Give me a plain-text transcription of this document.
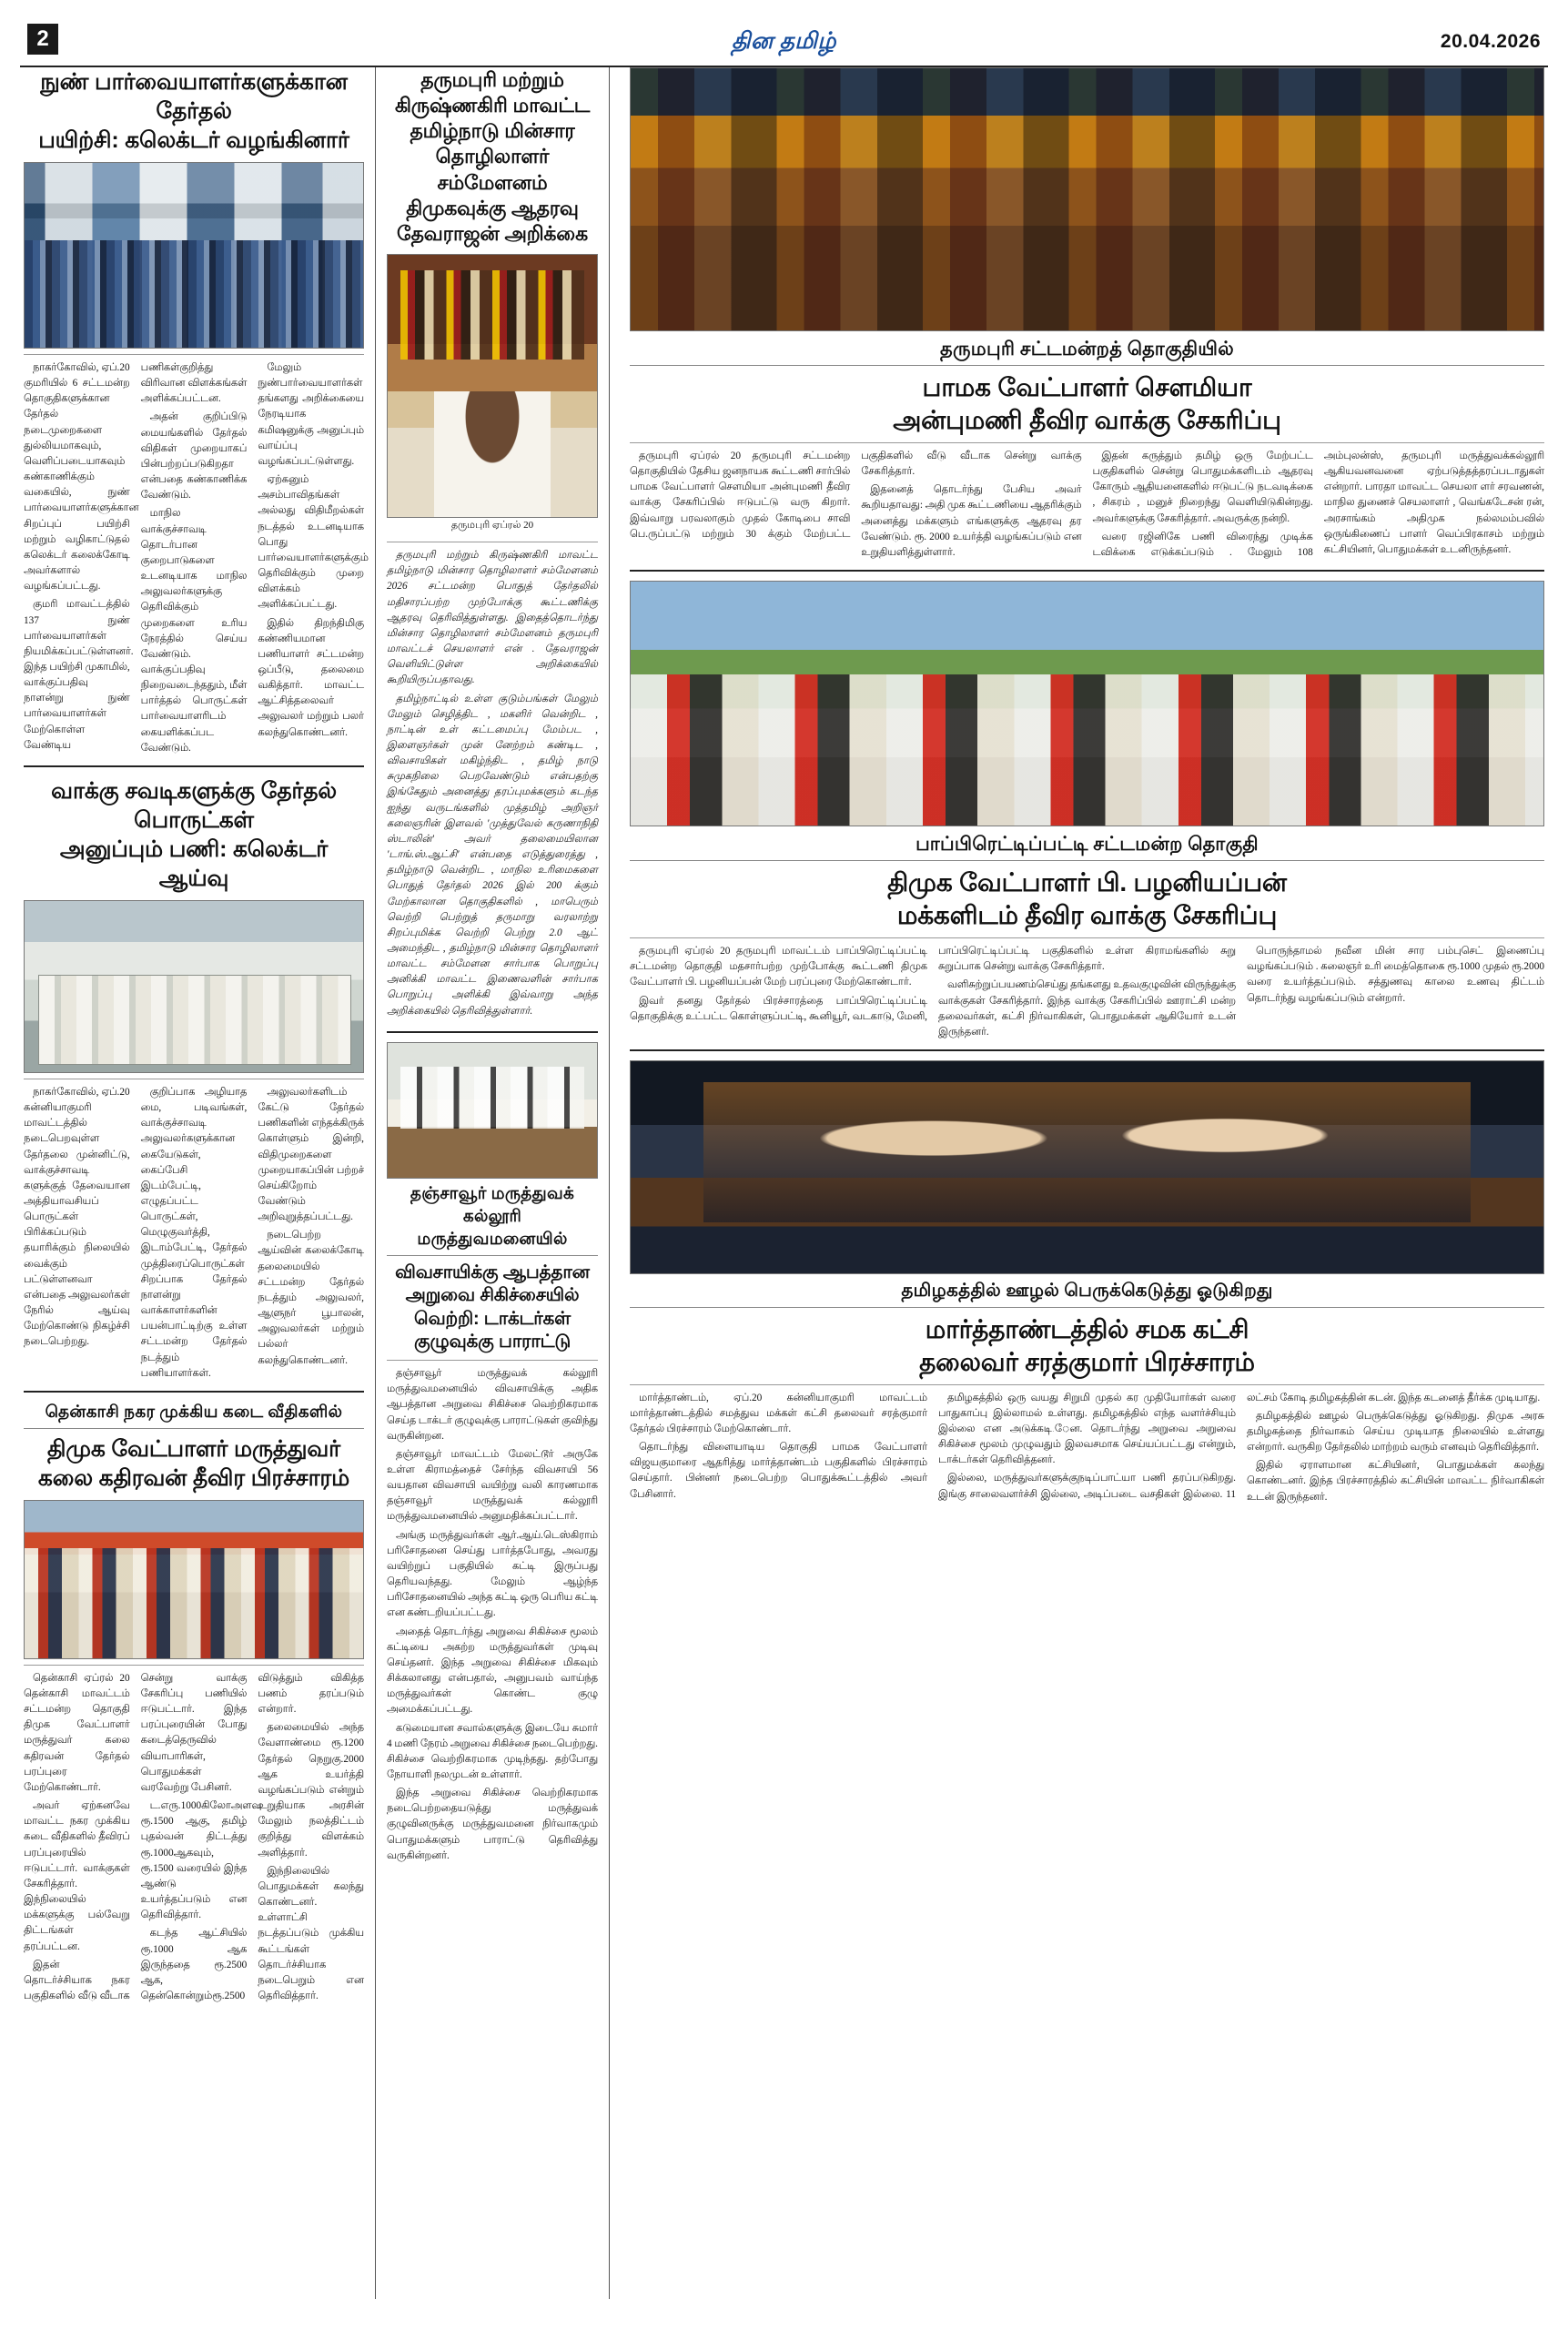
2	தின தமிழ்	20.04.2026
நுண் பார்வையாளர்களுக்கான தேர்தல்
பயிற்சி: கலெக்டர் வழங்கினார்

நாகர்கோவில், ஏப்.20 குமரியில் 6 சட்டமன்ற தொகுதிகளுக்கான தேர்தல் நடைமுறைகளை துல்லியமாகவும், வெளிப்படையாகவும் கண்காணிக்கும் வகையில், நுண் பார்வையாளர்களுக்கான சிறப்புப் பயிற்சி மற்றும் வழிகாட்டுதல் கலெக்டர் கலைக்கோடி அவர்களால் வழங்கப்பட்டது.

குமரி மாவட்டத்தில் 137 நுண் பார்வையாளர்கள் நியமிக்கப்பட்டுள்ளனர். இந்த பயிற்சி முகாமில், வாக்குப்பதிவு நாளன்று நுண் பார்வையாளர்கள் மேற்கொள்ள வேண்டிய பணிகள்குறித்து விரிவான விளக்கங்கள் அளிக்கப்பட்டன.

அதன் குறிப்பிடு மையங்களில் தேர்தல் விதிகள் முறையாகப் பின்பற்றப்படுகிறதா என்பதை கண்காணிக்க வேண்டும்.

மாநில வாக்குச்சாவடி தொடர்பான குறைபாடுகளை உடனடியாக மாநில அலுவலர்களுக்கு தெரிவிக்கும் முறைகளை உரிய நேரத்தில் செய்ய வேண்டும். வாக்குப்பதிவு நிறைவடைந்ததும், மீள் பார்த்தல் பொருட்கள் பார்வையாளரிடம் கையளிக்கப்பட வேண்டும்.

மேலும் நுண்பார்வையாளர்கள் தங்களது அறிக்கையை நேரடியாக கமிஷனுக்கு அனுப்பும் வாய்ப்பு வழங்கப்பட்டுள்ளது.

ஏற்கனும் அசம்பாவிதங்கள் அல்லது விதிமீறல்கள் நடத்தல் உடனடியாக பொது பார்வையாளர்களுக்கும் தெரிவிக்கும் முறை விளக்கம் அளிக்கப்பட்டது.

இதில் திறந்திமிகு கண்ணியமான பணியாளர் சட்டமன்ற ஒப்பீடு, தலைமை வகித்தார். மாவட்ட ஆட்சித்தலைவர் அலுவலர் மற்றும் பலர் கலந்துகொண்டனர்.

வாக்கு சவடிகளுக்கு தேர்தல் பொருட்கள்
அனுப்பும் பணி: கலெக்டர் ஆய்வு

நாகர்கோவில், ஏப்.20 கன்னியாகுமரி மாவட்டத்தில் நடைபெறவுள்ள தேர்தலை முன்னிட்டு, வாக்குச்சாவடி களுக்குத் தேவையான அத்தியாவசியப் பொருட்கள் பிரிக்கப்படும் தயாரிக்கும் நிலையில் வைக்கும் பட்டுள்ளனவா என்பதை அலுவலர்கள் நேரில் ஆய்வு மேற்கொண்டு நிகழ்ச்சி நடைபெற்றது.

குறிப்பாக அழியாத மை, படிவங்கள், வாக்குச்சாவடி அலுவலர்களுக்கான கையேடுகள், கைப்பேசி இடம்பேட்டி, எழுதப்பட்ட பொருட்கள், மெழுகுவர்த்தி, இடாம்பேட்டி, தேர்தல் முத்திரைப்பொருட்கள் சிறப்பாக தேர்தல் நாளன்று வாக்காளர்களின் பயன்பாட்டிற்கு உள்ள சட்டமன்ற தேர்தல் நடத்தும் பணியாளர்கள்.

அலுவலர்களிடம் கேட்டு தேர்தல் பணிகளின் எந்தக்கிருக் கொள்ளும் இன்றி, விதிமுறைகளை முறையாகப்பின் பற்றச் செய்கிறோம் வேண்டும் அறிவுறுத்தப்பட்டது.

நடைபெற்ற ஆய்வின் கலைக்கோடி தலைமையில் சட்டமன்ற தேர்தல் நடத்தும் அலுவலர், ஆளுநர் பூபாலன், அலுவலர்கள் மற்றும் பல்லர் கலந்துகொண்டனர்.

தென்காசி நகர முக்கிய கடை வீதிகளில்
திமுக வேட்பாளர் மருத்துவர்
கலை கதிரவன் தீவிர பிரச்சாரம்

தென்காசி ஏப்ரல் 20 தென்காசி மாவட்டம் சட்டமன்ற தொகுதி திமுக வேட்பாளர் மருத்துவர் கலை கதிரவன் தேர்தல் பரப்புரை மேற்கொண்டார்.

அவர் ஏற்கனவே மாவட்ட நகர முக்கிய கடை வீதிகளில் தீவிரப் பரப்புரையில் ஈடுபட்டார். வாக்குகள் சேகரித்தார். இந்நிலையில் மக்களுக்கு பல்வேறு திட்டங்கள் தரப்பட்டன.

இதன் தொடர்ச்சியாக நகர பகுதிகளில் வீடு வீடாக சென்று வாக்கு சேகரிப்பு பணியில் ஈடுபட்டார். இந்த பரப்புரையின் போது கடைத்தெருவில் வியாபாரிகள், பொதுமக்கள் வரவேற்று பேசினர்.

ட.எரு.1000கிலோஅளவு ரூ.1500 ஆகு, தமிழ் புதல்வன் திட்டத்து ரூ.1000ஆகவும், ரூ.1500 வரையில் இந்த ஆண்டு உயர்த்தப்படும் என தெரிவித்தார்.

கடந்த ஆட்சியில் ரூ.1000 ஆக இருந்ததை ரூ.2500 ஆக, தென்கொன்றும்ரூ.2500 விடுத்தும் விகித்த பணம் தரப்படும் என்றார்.

தலைமையில் அந்த வேளாண்மை ரூ.1200 தேர்தல் நெறுகு.2000 ஆக உயர்த்தி வழங்கப்படும் என்றும் உறுதியாக அரசின் மேலும் நலத்திட்டம் குறித்து விளக்கம் அளித்தார்.

இந்நிலையில் பொதுமக்கள் கலந்து கொண்டனர். உள்ளாட்சி நடத்தப்படும் முக்கிய கூட்டங்கள் தொடர்ச்சியாக நடைபெறும் என தெரிவித்தார்.

தருமபுரி மற்றும் கிருஷ்ணகிரி மாவட்ட
தமிழ்நாடு மின்சார தொழிலாளர் சம்மேளனம்
திமுகவுக்கு ஆதரவு தேவராஜன் அறிக்கை
தருமபுரி ஏப்ரல் 20

தருமபுரி மற்றும் கிருஷ்ணகிரி மாவட்ட தமிழ்நாடு மின்சார தொழிலாளர் சம்மேளனம் 2026 சட்டமன்ற பொதுத் தேர்தலில் மதிசாரப்பற்ற முற்போக்கு கூட்டணிக்கு ஆதரவு தெரிவித்துள்ளது. இதைத்தொடர்ந்து மின்சார தொழிலாளர் சம்மேளனம் தருமபுரி மாவட்டச் செயலாளர் என் . தேவராஜன் வெளியிட்டுள்ள அறிக்கையில் கூறியிருப்பதாவது.

தமிழ்நாட்டில் உள்ள குடும்பங்கள் மேலும் மேலும் செழித்திட , மகளிர் வென்றிட , நாட்டின் உள் கட்டமைப்பு மேம்பட , இளைஞர்கள் முன் னேற்றம் கண்டிட , விவசாயிகள் மகிழ்ந்திட , தமிழ் நாடு சுமுகநிலை பெறவேண்டும் என்பதற்கு இங்கேதும் அனைத்து தரப்புமக்களும் கடந்த ஐந்து வருடங்களில் முத்தமிழ் அறிஞர் கலைஞரின் இளவல் 'முத்துவேல் கருணாநிதி ஸ்டாலின்' அவர் தலைமையிலான 'டாங்.ஸ்.ஆட்சி' என்பதை எடுத்துரைத்து , தமிழ்நாடு வென்றிட , மாநில உரிமைகளை பொதுத் தேர்தல் 2026 இல் 200 க்கும் மேற்காலான தொகுதிகளில் , மாபெரும் வெற்றி பெற்றுத் தருமாறு வரலாற்று சிறப்புமிக்க வெற்றி பெற்று 2.0 ஆட் அமைந்திட , தமிழ்நாடு மின்சார தொழிலாளர் மாவட்ட சம்மேளன சார்பாக பொறுப்பு அனிக்கி மாவட்ட இணைவளின் சார்பாக பொறுப்பு அளிக்கி இவ்வாறு அந்த அறிக்கையில் தெரிவித்துள்ளார்.

தஞ்சாவூர் மருத்துவக் கல்லூரி மருத்துவமனையில்
விவசாயிக்கு ஆபத்தான அறுவை சிகிச்சையில்
வெற்றி: டாக்டர்கள் குழுவுக்கு பாராட்டு

தஞ்சாவூர் மருத்துவக் கல்லூரி மருத்துவமனையில் விவசாயிக்கு அதிக ஆபத்தான அறுவை சிகிச்சை வெற்றிகரமாக செய்த டாக்டர் குழுவுக்கு பாராட்டுகள் குவிந்து வருகின்றன.

தஞ்சாவூர் மாவட்டம் மேலட்டூர் அருகே உள்ள கிராமத்தைச் சேர்ந்த விவசாயி 56 வயதான விவசாயி வயிற்று வலி காரணமாக தஞ்சாவூர் மருத்துவக் கல்லூரி மருத்துவமனையில் அனுமதிக்கப்பட்டார்.

அங்கு மருத்துவர்கள் ஆர்.ஆய்.டெஸ்கிராம் பரிசோதனை செய்து பார்த்தபோது, அவரது வயிற்றுப் பகுதியில் கட்டி இருப்பது தெரியவந்தது. மேலும் ஆழ்ந்த பரிசோதனையில் அந்த கட்டி ஒரு பெரிய கட்டி என கண்டறியப்பட்டது.

அதைத் தொடர்ந்து அறுவை சிகிச்சை மூலம் கட்டியை அகற்ற மருத்துவர்கள் முடிவு செய்தனர். இந்த அறுவை சிகிச்சை மிகவும் சிக்கலானது என்பதால், அனுபவம் வாய்ந்த மருத்துவர்கள் கொண்ட குழு அமைக்கப்பட்டது.

கடுமையான சவால்களுக்கு இடையே சுமார் 4 மணி நேரம் அறுவை சிகிச்சை நடைபெற்றது. சிகிச்சை வெற்றிகரமாக முடிந்தது. தற்போது நோயாளி நலமுடன் உள்ளார்.

இந்த அறுவை சிகிச்சை வெற்றிகரமாக நடைபெற்றதையடுத்து மருத்துவக் குழுவினருக்கு மருத்துவமனை நிர்வாகமும் பொதுமக்களும் பாராட்டு தெரிவித்து வருகின்றனர்.

தருமபுரி சட்டமன்றத் தொகுதியில்
பாமக வேட்பாளர் சௌமியா
அன்புமணி தீவிர வாக்கு சேகரிப்பு

தருமபுரி ஏப்ரல் 20 தருமபுரி சட்டமன்ற தொகுதியில் தேசிய ஜனநாயக கூட்டணி சார்பில் பாமக வேட்பாளர் சௌமியா அன்புமணி தீவிர வாக்கு சேகரிப்பில் ஈடுபட்டு வரு கிறார். இவ்வாறு பரவலாகும் முதல் கோடிபை சாவி பெ.ருப்பட்டு மற்றும் 30 க்கும் மேற்பட்ட பகுதிகளில் வீடு வீடாக சென்று வாக்கு சேகரித்தார்.

இதனைத் தொடர்ந்து பேசிய அவர் கூறியதாவது: அதி முக கூட்டணியை ஆதரிக்கும் அனைத்து மக்களும் எங்களுக்கு ஆதரவு தர வேண்டும். ரூ. 2000 உயர்த்தி வழங்கப்படும் என உறுதியளித்துள்ளார்.

இதன் கருத்தும் தமிழ் ஒரு மேற்பட்ட பகுதிகளில் சென்று பொதுமக்களிடம் ஆதரவு கோரும் ஆதியனைகளில் ஈடுபட்டு நடவடிக்கை , சிகரம் , மனுச் நிறைந்து வெளியிடுகின்றது. அவர்களுக்கு சேகரித்தார். அவருக்கு நன்றி.

வரை ரஜினிகே பணி விரைந்து முடிக்க டவிக்கை எடுக்கப்படும் . மேலும் 108 அம்புலன்ஸ், தருமபுரி மருத்துவக்கல்லூரி ஆகியவனவனை ஏற்படுத்தத்தரப்படாதுகள் என்றார். பாரதா மாவட்ட செயலா ளர் சரவணன், மாநில துணைச் செயலாளர் , வெங்கடேசன் ரன், அரசாங்கம் அதிமுக நல்லமம்பவில் ஒருங்கிணைப் பாளர் வெப்பிரகாசம் மற்றும் கட்சியினர், பொதுமக்கள் உடனிருந்தனர்.

பாப்பிரெட்டிப்பட்டி சட்டமன்ற தொகுதி
திமுக வேட்பாளர் பி. பழனியப்பன்
மக்களிடம் தீவிர வாக்கு சேகரிப்பு

தருமபுரி ஏப்ரல் 20 தருமபுரி மாவட்டம் பாப்பிரெட்டிப்பட்டி சட்டமன்ற தொகுதி மதசார்பற்ற முற்போக்கு கூட்டணி திமுக வேட்பாளர் பி. பழனியப்பன் மேற் பரப்புரை மேற்கொண்டார்.

இவர் தனது தேர்தல் பிரச்சாரத்தை பாப்பிரெட்டிப்பட்டி தொகுதிக்கு உட்பட்ட கொள்ளுப்பட்டி, கூனியூர், வடகாடு, மேனி, பாப்பிரெட்டிப்பட்டி பகுதிகளில் உள்ள கிராமங்களில் சுறு சுறுப்பாக சென்று வாக்கு சேகரித்தார்.

வளிசுற்றுப்பயணம்செய்து தங்களது உதவகுழுவின் விருந்துக்கு வாக்குகள் சேகரித்தார். இந்த வாக்கு சேகரிப்பில் ஊராட்சி மன்ற தலைவர்கள், கட்சி நிர்வாகிகள், பொதுமக்கள் ஆகியோர் உடன் இருந்தனர்.

பொருந்தாமல் நவீன மின் சார பம்புசெட் இணைப்பு வழங்கப்படும் . கலைஞர் உரி மைத்தொகை ரூ.1000 முதல் ரூ.2000 வரை உயர்த்தப்படும். சத்துணவு காலை உணவு திட்டம் தொடர்ந்து வழங்கப்படும் என்றார்.

தமிழகத்தில் ஊழல் பெருக்கெடுத்து ஓடுகிறது
மார்த்தாண்டத்தில் சமக கட்சி
தலைவர் சரத்குமார் பிரச்சாரம்

மார்த்தாண்டம், ஏப்.20 கன்னியாகுமரி மாவட்டம் மார்த்தாண்டத்தில் சமத்துவ மக்கள் கட்சி தலைவர் சரத்குமார் தேர்தல் பிரச்சாரம் மேற்கொண்டார்.

தொடர்ந்து விளையாடிய தொகுதி பாமக வேட்பாளர் விஜயகுமாரை ஆதரித்து மார்த்தாண்டம் பகுதிகளில் பிரச்சாரம் செய்தார். பின்னர் நடைபெற்ற பொதுக்கூட்டத்தில் அவர் பேசினார்.

தமிழகத்தில் ஒரு வயது சிறுமி முதல் கர முதியோர்கள் வரை பாதுகாப்பு இல்லாமல் உள்ளது. தமிழகத்தில் எந்த வளர்ச்சியும் இல்லை என அடுக்கடி.ேன. தொடர்ந்து அறுவை அறுவை சிகிச்சை மூலம் முழுவதும் இலவசமாக செய்யப்பட்டது என்றும், டாக்டர்கள் தெரிவித்தனர்.

இல்லை, மருத்துவர்களுக்குநடிப்பாட்யா பணி தரப்படுகிறது. இங்கு சாலைவளர்ச்சி இல்லை, அடிப்படை வசதிகள் இல்லை. 11 லட்சம் கோடி தமிழகத்தின் கடன். இந்த கடனைத் தீர்க்க முடியாது.

தமிழகத்தில் ஊழல் பெருக்கெடுத்து ஓடுகிறது. திமுக அரசு தமிழகத்தை நிர்வாகம் செய்ய முடியாத நிலையில் உள்ளது என்றார். வருகிற தேர்தலில் மாற்றம் வரும் எனவும் தெரிவித்தார்.

இதில் ஏராளமான கட்சியினர், பொதுமக்கள் கலந்து கொண்டனர். இந்த பிரச்சாரத்தில் கட்சியின் மாவட்ட நிர்வாகிகள் உடன் இருந்தனர்.
